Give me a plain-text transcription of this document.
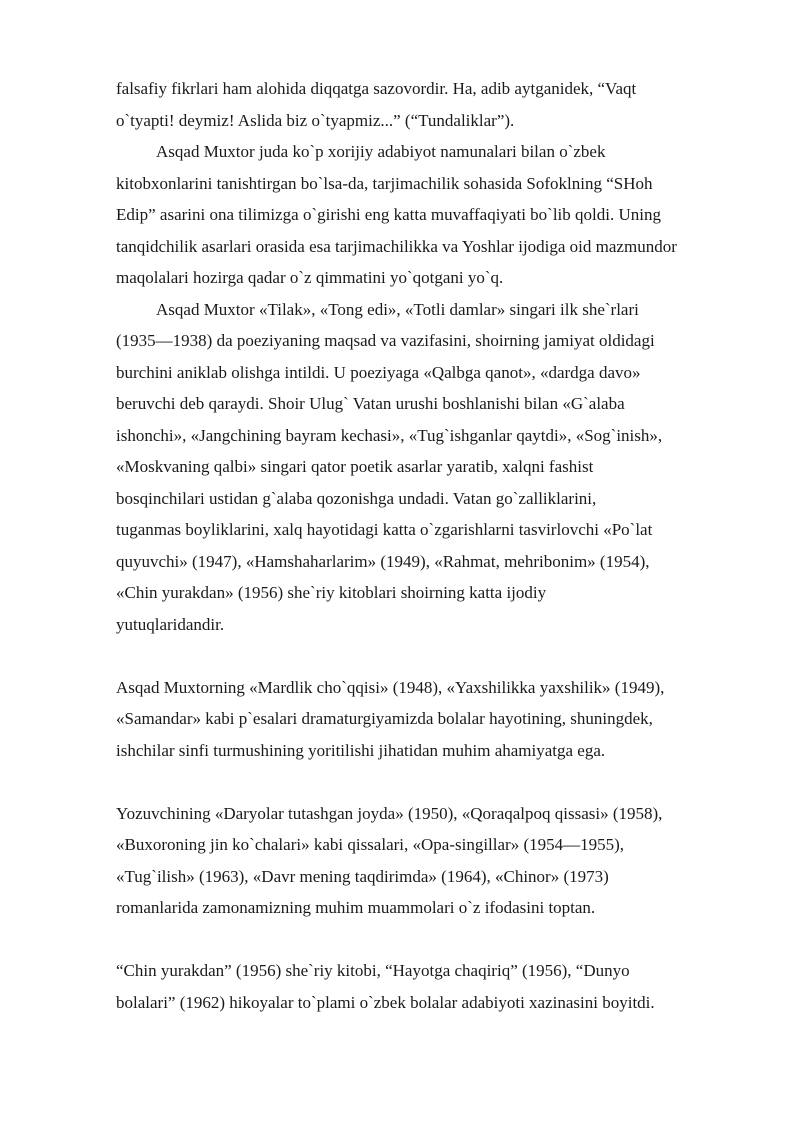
falsafiy fikrlari ham alohida diqqatga sazovordir. Ha, adib aytganidek, “Vaqt
o`tyapti! deymiz! Aslida biz o`tyapmiz...” (“Tundaliklar”).

Asqad Muxtor juda ko`p xorijiy adabiyot namunalari bilan o`zbek
kitobxonlarini tanishtirgan bo`lsa-da, tarjimachilik sohasida Sofoklning “SHoh
Edip” asarini ona tilimizga o`girishi eng katta muvaffaqiyati bo`lib qoldi. Uning
tanqidchilik asarlari orasida esa tarjimachilikka va Yoshlar ijodiga oid mazmundor
maqolalari hozirga qadar o`z qimmatini yo`qotgani yo`q.

Asqad Muxtor «Tilak», «Tong edi», «Totli damlar» singari ilk she`rlari
(1935—1938) da poeziyaning maqsad va vazifasini, shoirning jamiyat oldidagi
burchini aniklab olishga intildi. U poeziyaga «Qalbga qanot», «dardga davo»
beruvchi deb qaraydi. Shoir Ulug` Vatan urushi boshlanishi bilan «G`alaba
ishonchi», «Jangchining bayram kechasi», «Tug`ishganlar qaytdi», «Sog`inish»,
«Moskvaning qalbi» singari qator poetik asarlar yaratib, xalqni fashist
bosqinchilari ustidan g`alaba qozonishga undadi. Vatan go`zalliklarini,
tuganmas boyliklarini, xalq hayotidagi katta o`zgarishlarni tasvirlovchi «Po`lat
quyuvchi» (1947), «Hamshaharlarim» (1949), «Rahmat, mehribonim» (1954),
«Chin yurakdan» (1956) she`riy kitoblari shoirning katta ijodiy
yutuqlaridandir.

Asqad Muxtorning «Mardlik cho`qqisi» (1948), «Yaxshilikka yaxshilik» (1949),
«Samandar» kabi p`esalari dramaturgiyamizda bolalar hayotining, shuningdek,
ishchilar sinfi turmushining yoritilishi jihatidan muhim ahamiyatga ega.

Yozuvchining «Daryolar tutashgan joyda» (1950), «Qoraqalpoq qissasi» (1958),
«Buxoroning jin ko`chalari» kabi qissalari, «Opa-singillar» (1954—1955),
«Tug`ilish» (1963), «Davr mening taqdirimda» (1964), «Chinor» (1973)
romanlarida zamonamizning muhim muammolari o`z ifodasini toptan.

“Chin yurakdan” (1956) she`riy kitobi, “Hayotga chaqiriq” (1956), “Dunyo
bolalari” (1962) hikoyalar to`plami o`zbek bolalar adabiyoti xazinasini boyitdi.
